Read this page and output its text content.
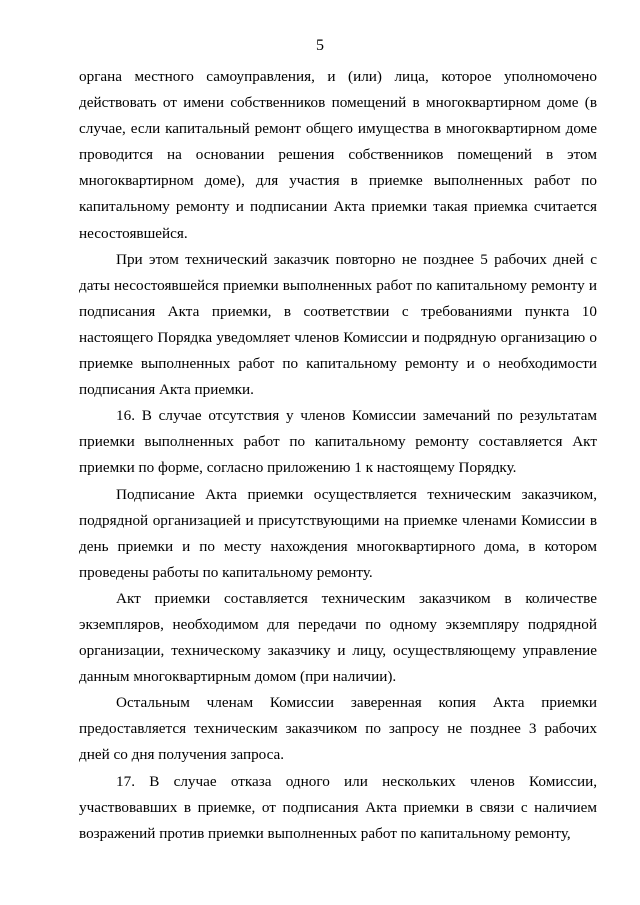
5

органа местного самоуправления, и (или) лица, которое уполномочено действовать от имени собственников помещений в многоквартирном доме (в случае, если капитальный ремонт общего имущества в многоквартирном доме проводится на основании решения собственников помещений в этом многоквартирном доме), для участия в приемке выполненных работ по капитальному ремонту и подписании Акта приемки такая приемка считается несостоявшейся.

При этом технический заказчик повторно не позднее 5 рабочих дней с даты несостоявшейся приемки выполненных работ по капитальному ремонту и подписания Акта приемки, в соответствии с требованиями пункта 10 настоящего Порядка уведомляет членов Комиссии и подрядную организацию о приемке выполненных работ по капитальному ремонту и о необходимости подписания Акта приемки.

16. В случае отсутствия у членов Комиссии замечаний по результатам приемки выполненных работ по капитальному ремонту составляется Акт приемки по форме, согласно приложению 1 к настоящему Порядку.

Подписание Акта приемки осуществляется техническим заказчиком, подрядной организацией и присутствующими на приемке членами Комиссии в день приемки и по месту нахождения многоквартирного дома, в котором проведены работы по капитальному ремонту.

Акт приемки составляется техническим заказчиком в количестве экземпляров, необходимом для передачи по одному экземпляру подрядной организации, техническому заказчику и лицу, осуществляющему управление данным многоквартирным домом (при наличии).

Остальным членам Комиссии заверенная копия Акта приемки предоставляется техническим заказчиком по запросу не позднее 3 рабочих дней со дня получения запроса.

17. В случае отказа одного или нескольких членов Комиссии, участвовавших в приемке, от подписания Акта приемки в связи с наличием возражений против приемки выполненных работ по капитальному ремонту,
